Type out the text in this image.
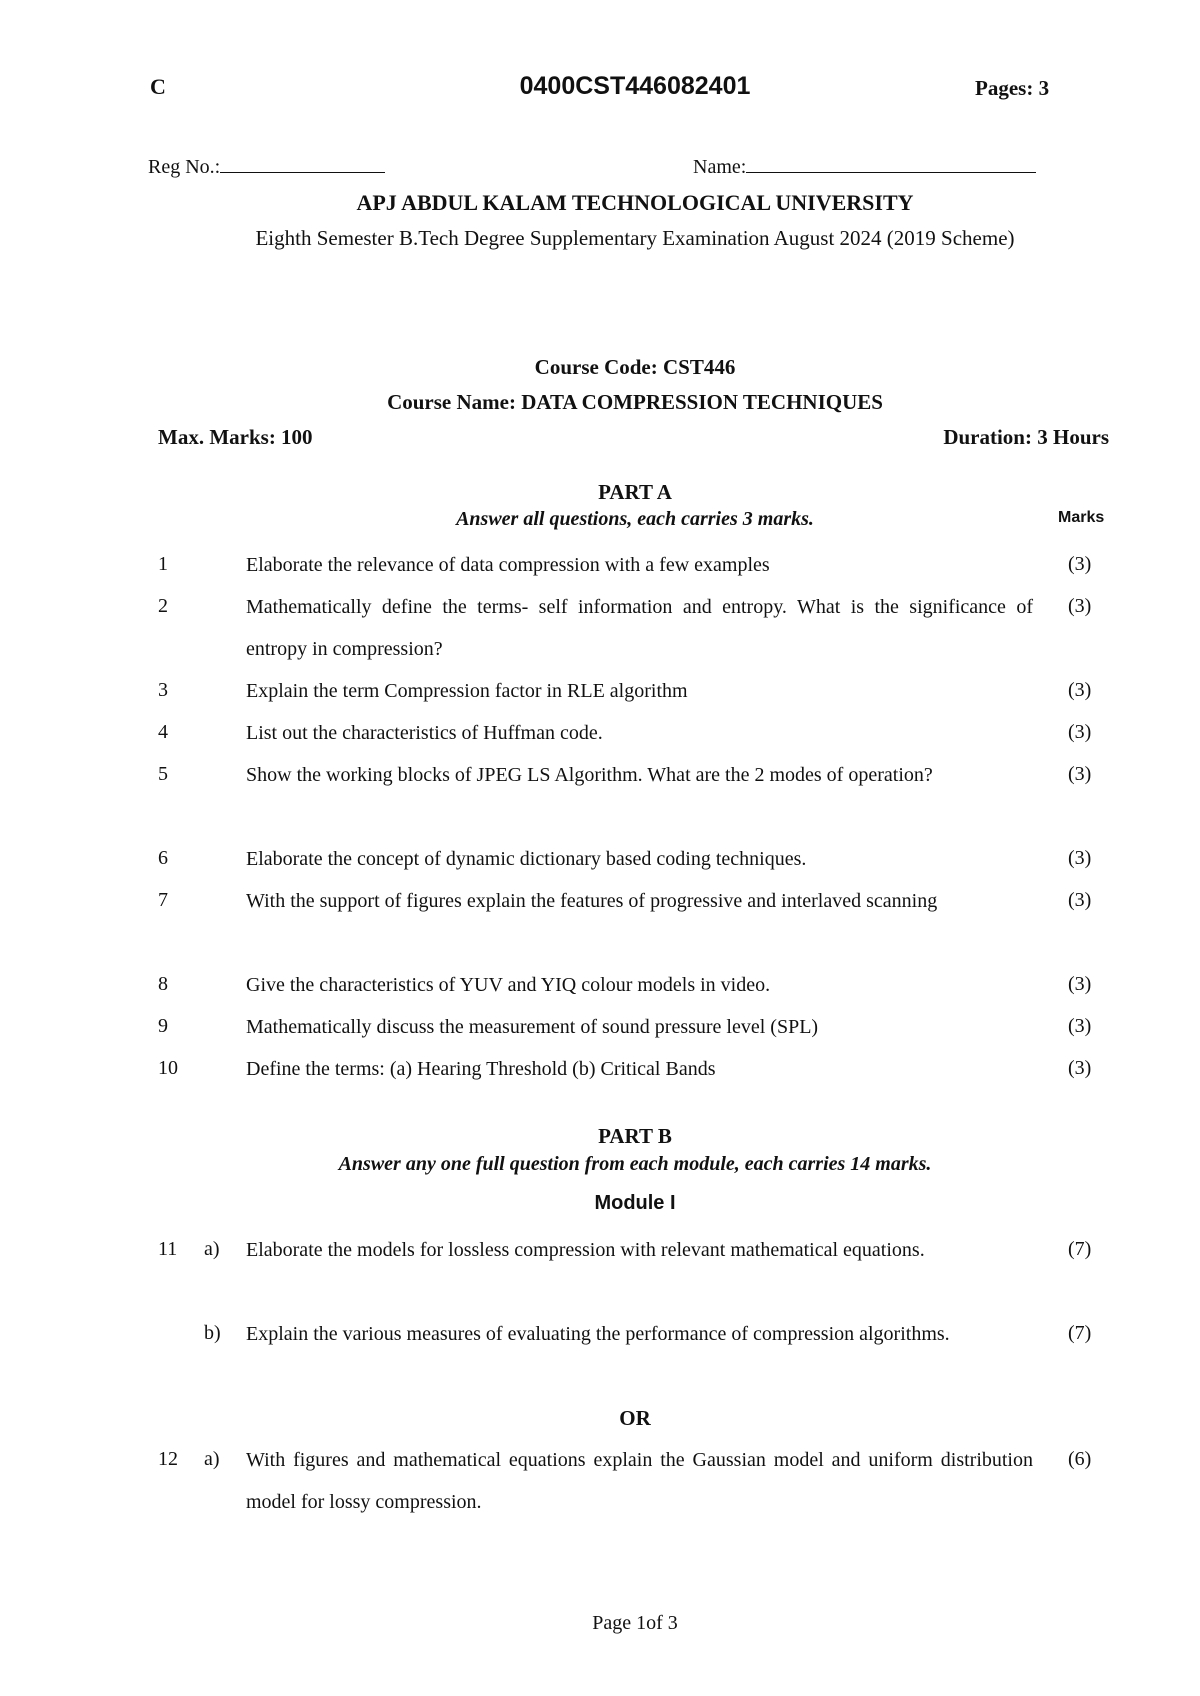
C	0400CST446082401	Pages: 3
Reg No.:	Name:
APJ ABDUL KALAM TECHNOLOGICAL UNIVERSITY
Eighth Semester B.Tech Degree Supplementary Examination August 2024 (2019 Scheme)
Course Code: CST446
Course Name: DATA COMPRESSION TECHNIQUES
Max. Marks: 100	Duration: 3 Hours
PART A
Answer all questions, each carries 3 marks.	Marks
1	Elaborate the relevance of data compression with a few examples	(3)
2	Mathematically define the terms- self information and entropy. What is the significance of entropy in compression?
(3)
3	Explain the term Compression factor in RLE algorithm	(3)
4	List out the characteristics of Huffman code.	(3)
5	Show the working blocks of JPEG LS Algorithm. What are the 2 modes of operation?	(3)
6	Elaborate the concept of dynamic dictionary based coding techniques.	(3)
7	With the support of figures explain the features of progressive and interlaved scanning	(3)
8	Give the characteristics of YUV and YIQ colour models in video.	(3)
9	Mathematically discuss the measurement of sound pressure level (SPL)	(3)
10	Define the terms: (a) Hearing Threshold (b) Critical Bands	(3)
PART B
Answer any one full question from each module, each carries 14 marks.
Module I
11 a) Elaborate the models for lossless compression with relevant mathematical equations.	(7)
b) Explain the various measures of evaluating the performance of compression algorithms.	(7)
OR
12 a) With figures and mathematical equations explain the Gaussian model and uniform distribution model for lossy compression.
(6)
Page 1of 3
